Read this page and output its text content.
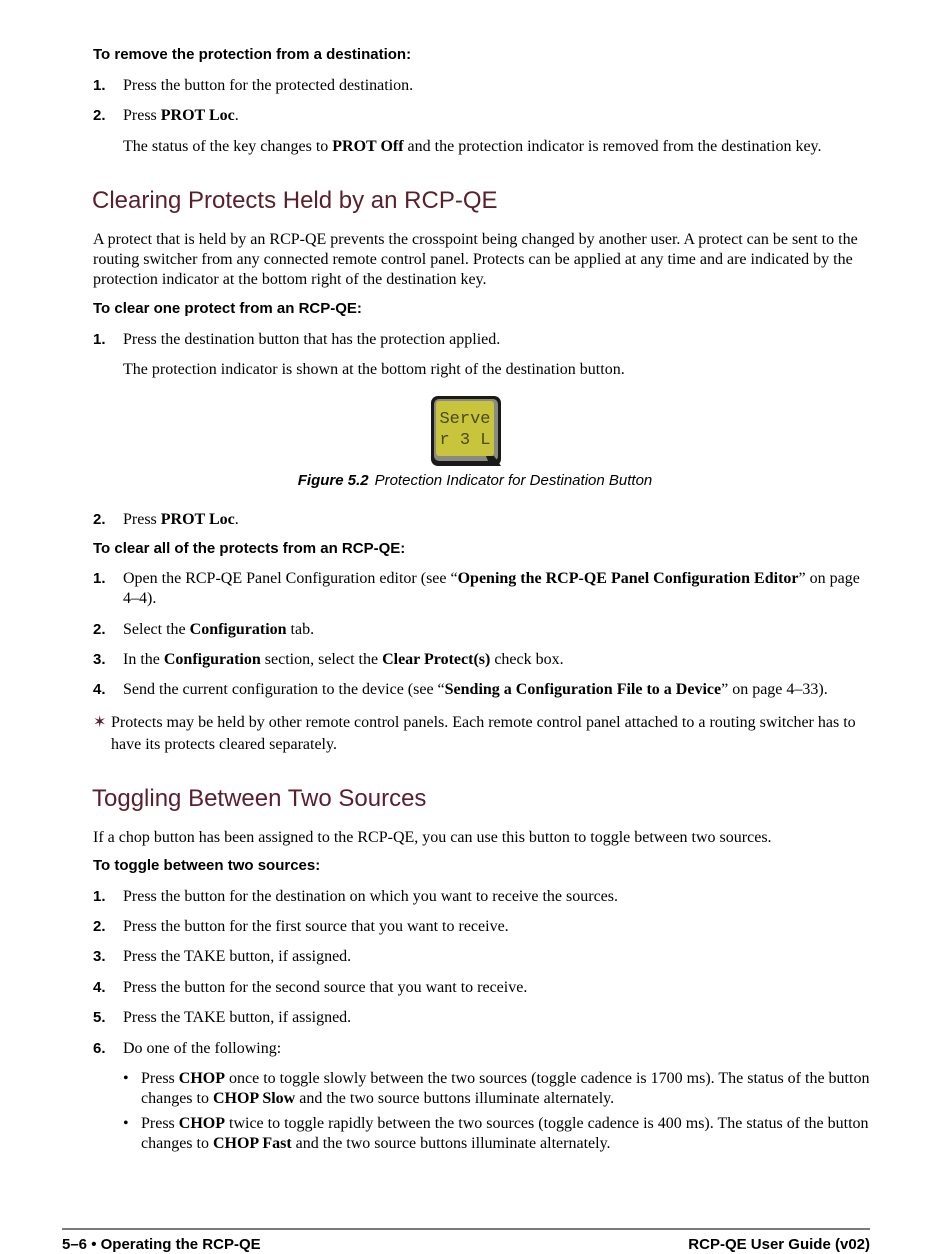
To remove the protection from a destination:
1. Press the button for the protected destination.
2. Press PROT Loc.
The status of the key changes to PROT Off and the protection indicator is removed from the destination key.
Clearing Protects Held by an RCP-QE
A protect that is held by an RCP-QE prevents the crosspoint being changed by another user. A protect can be sent to the routing switcher from any connected remote control panel. Protects can be applied at any time and are indicated by the protection indicator at the bottom right of the destination key.
To clear one protect from an RCP-QE:
1. Press the destination button that has the protection applied.
The protection indicator is shown at the bottom right of the destination button.
Serve
r 3 L
Figure 5.2 Protection Indicator for Destination Button
2. Press PROT Loc.
To clear all of the protects from an RCP-QE:
1. Open the RCP-QE Panel Configuration editor (see “Opening the RCP-QE Panel Configuration Editor” on page 4–4).
2. Select the Configuration tab.
3. In the Configuration section, select the Clear Protect(s) check box.
4. Send the current configuration to the device (see “Sending a Configuration File to a Device” on page 4–33).
✶ Protects may be held by other remote control panels. Each remote control panel attached to a routing switcher has to have its protects cleared separately.
Toggling Between Two Sources
If a chop button has been assigned to the RCP-QE, you can use this button to toggle between two sources.
To toggle between two sources:
1. Press the button for the destination on which you want to receive the sources.
2. Press the button for the first source that you want to receive.
3. Press the TAKE button, if assigned.
4. Press the button for the second source that you want to receive.
5. Press the TAKE button, if assigned.
6. Do one of the following:
• Press CHOP once to toggle slowly between the two sources (toggle cadence is 1700 ms). The status of the button changes to CHOP Slow and the two source buttons illuminate alternately.
• Press CHOP twice to toggle rapidly between the two sources (toggle cadence is 400 ms). The status of the button changes to CHOP Fast and the two source buttons illuminate alternately.
5–6 • Operating the RCP-QE	RCP-QE User Guide (v02)
